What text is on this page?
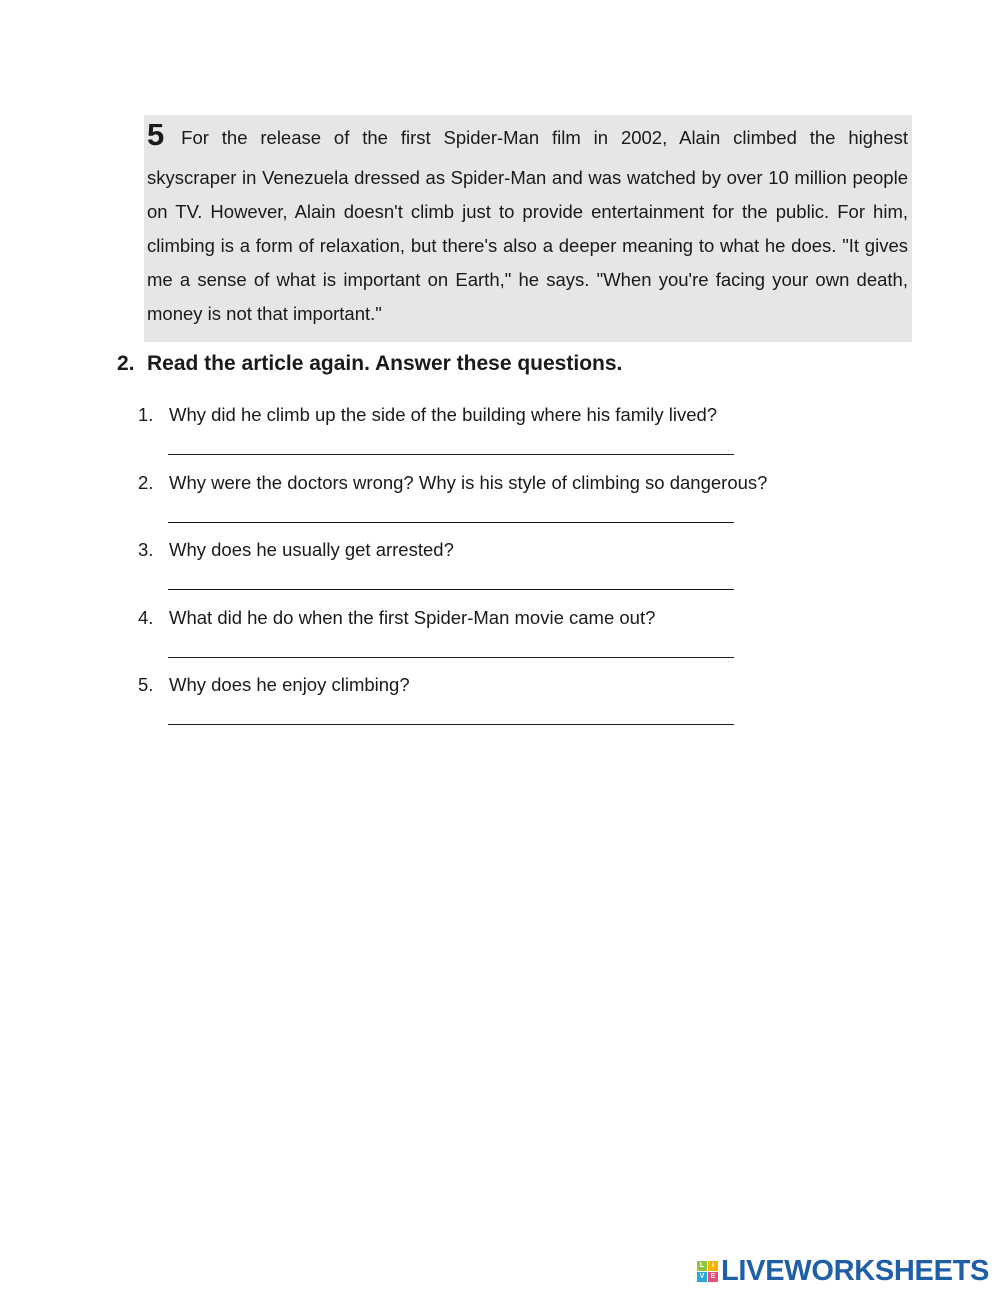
5 For the release of the first Spider-Man film in 2002, Alain climbed the highest
skyscraper in Venezuela dressed as Spider-Man and was watched by over 10 million people on TV. However, Alain doesn't climb just to provide entertainment for the public. For him, climbing is a form of relaxation, but there's also a deeper meaning to what he does. "It gives me a sense of what is important on Earth," he says. "When you're facing your own death, money is not that important."
2. Read the article again. Answer these questions.
1. Why did he climb up the side of the building where his family lived?
2. Why were the doctors wrong? Why is his style of climbing so dangerous?
3. Why does he usually get arrested?
4. What did he do when the first Spider-Man movie came out?
5. Why does he enjoy climbing?
L	I
V E LIVEWORKSHEETS
